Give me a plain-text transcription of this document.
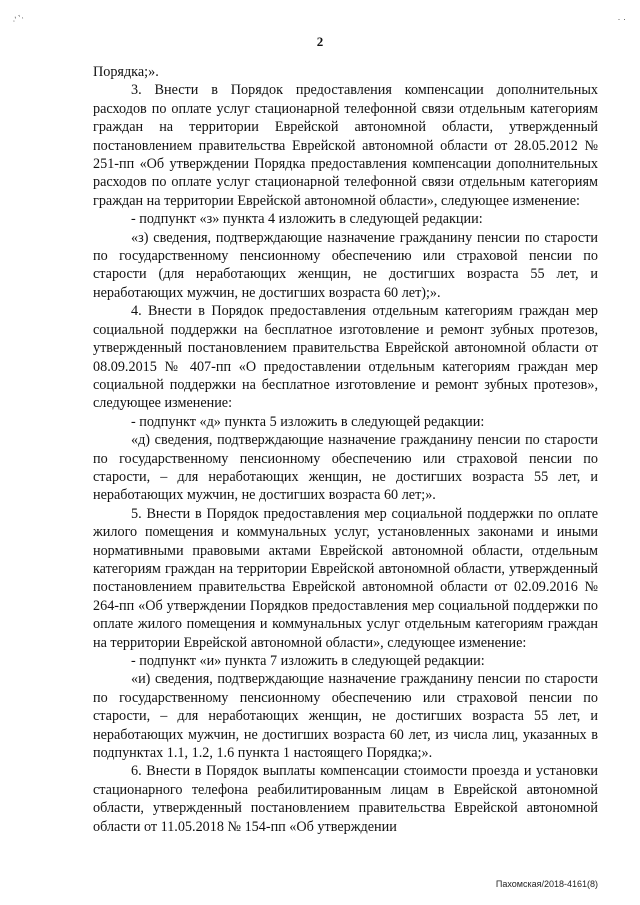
·’ ʼ·	· ·
2

Порядка;».

3. Внести в Порядок предоставления компенсации дополнительных расходов по оплате услуг стационарной телефонной связи отдельным категориям граждан на территории Еврейской автономной области, утвержденный постановлением правительства Еврейской автономной области от 28.05.2012 № 251-пп «Об утверждении Порядка предоставления компенсации дополнительных расходов по оплате услуг стационарной телефонной связи отдельным категориям граждан на территории Еврейской автономной области», следующее изменение:

- подпункт «з» пункта 4 изложить в следующей редакции:

«з) сведения, подтверждающие назначение гражданину пенсии по старости по государственному пенсионному обеспечению или страховой пенсии по старости (для неработающих женщин, не достигших возраста 55 лет, и неработающих мужчин, не достигших возраста 60 лет);».

4. Внести в Порядок предоставления отдельным категориям граждан мер социальной поддержки на бесплатное изготовление и ремонт зубных протезов, утвержденный постановлением правительства Еврейской автономной области от 08.09.2015 № 407-пп «О предоставлении отдельным категориям граждан мер социальной поддержки на бесплатное изготовление и ремонт зубных протезов», следующее изменение:

- подпункт «д» пункта 5 изложить в следующей редакции:

«д) сведения, подтверждающие назначение гражданину пенсии по старости по государственному пенсионному обеспечению или страховой пенсии по старости, – для неработающих женщин, не достигших возраста 55 лет, и неработающих мужчин, не достигших возраста 60 лет;».

5. Внести в Порядок предоставления мер социальной поддержки по оплате жилого помещения и коммунальных услуг, установленных законами и иными нормативными правовыми актами Еврейской автономной области, отдельным категориям граждан на территории Еврейской автономной области, утвержденный постановлением правительства Еврейской автономной области от 02.09.2016 № 264-пп «Об утверждении Порядков предоставления мер социальной поддержки по оплате жилого помещения и коммунальных услуг отдельным категориям граждан на территории Еврейской автономной области», следующее изменение:

- подпункт «и» пункта 7 изложить в следующей редакции:

«и) сведения, подтверждающие назначение гражданину пенсии по старости по государственному пенсионному обеспечению или страховой пенсии по старости, – для неработающих женщин, не достигших возраста 55 лет, и неработающих мужчин, не достигших возраста 60 лет, из числа лиц, указанных в подпунктах 1.1, 1.2, 1.6 пункта 1 настоящего Порядка;».

6. Внести в Порядок выплаты компенсации стоимости проезда и установки стационарного телефона реабилитированным лицам в Еврейской автономной области, утвержденный постановлением правительства Еврейской автономной области от 11.05.2018 № 154-пп «Об утверждении

Пахомская/2018-4161(8)
